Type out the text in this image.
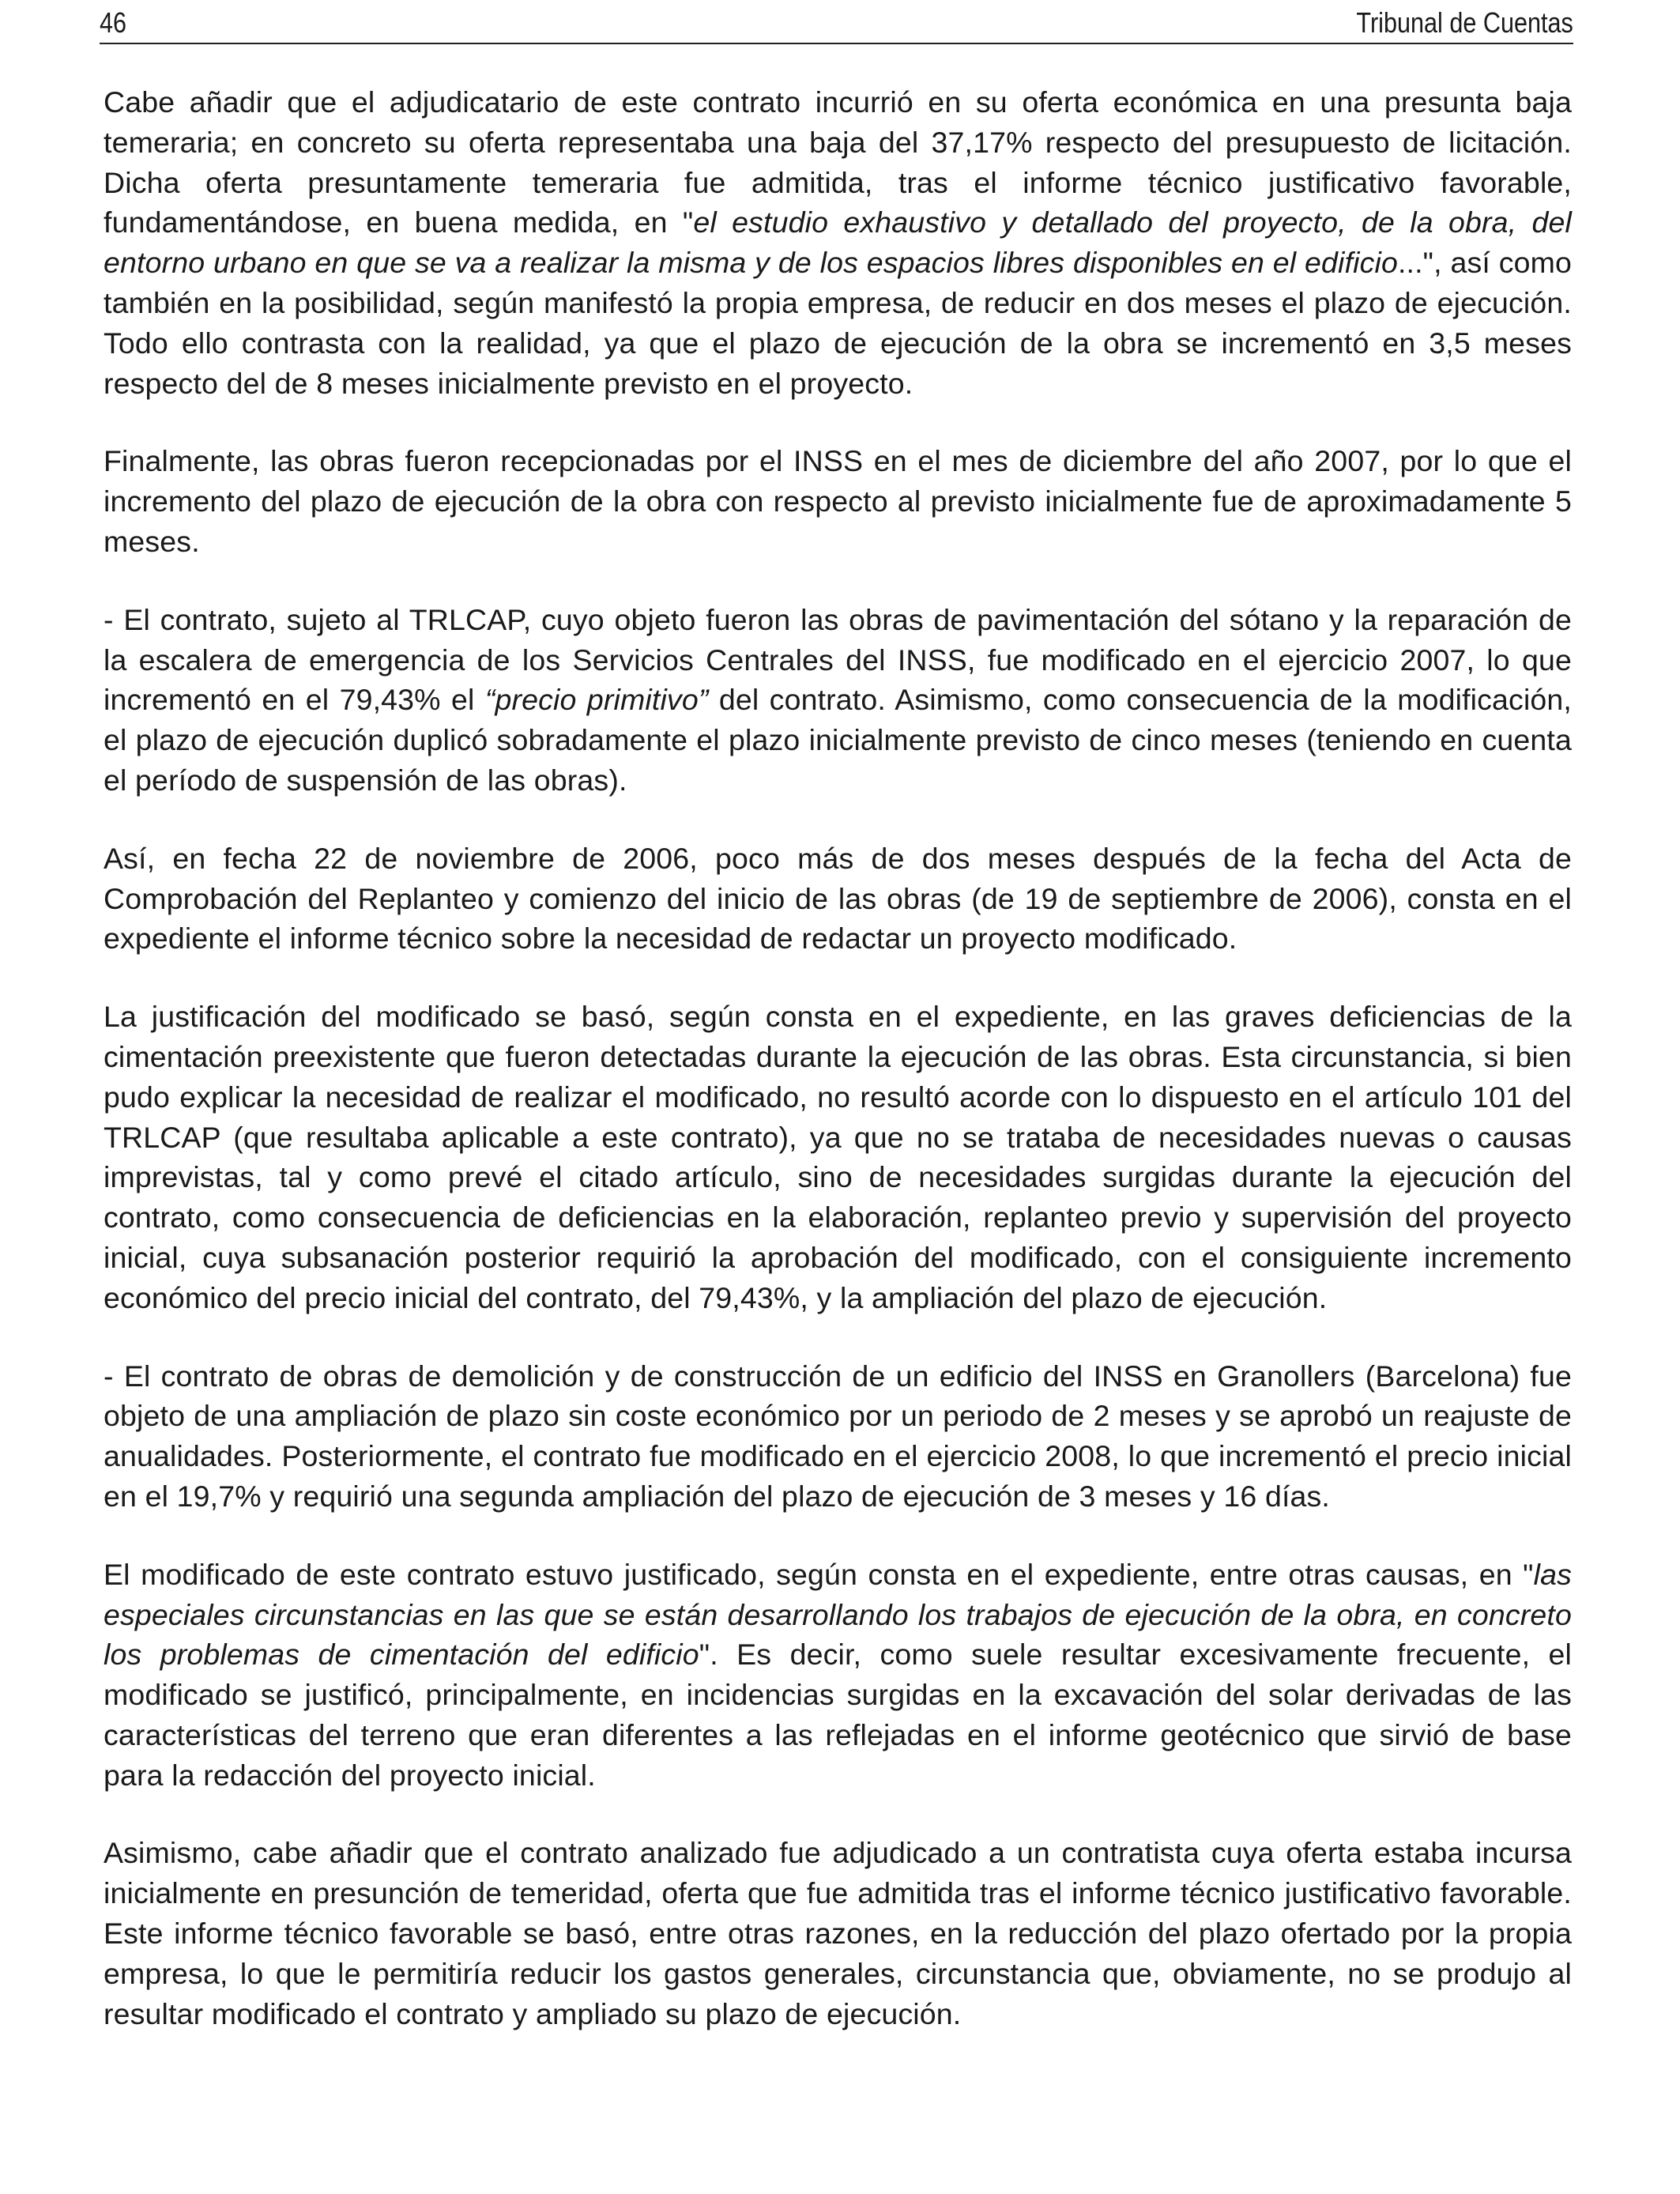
46	Tribunal de Cuentas

Cabe añadir que el adjudicatario de este contrato incurrió en su oferta económica en una presunta baja temeraria; en concreto su oferta representaba una baja del 37,17% respecto del presupuesto de licitación. Dicha oferta presuntamente temeraria fue admitida, tras el informe técnico justificativo favorable, fundamentándose, en buena medida, en "el estudio exhaustivo y detallado del proyecto, de la obra, del entorno urbano en que se va a realizar la misma y de los espacios libres disponibles en el edificio...", así como también en la posibilidad, según manifestó la propia empresa, de reducir en dos meses el plazo de ejecución. Todo ello contrasta con la realidad, ya que el plazo de ejecución de la obra se incrementó en 3,5 meses respecto del de 8 meses inicialmente previsto en el proyecto.

Finalmente, las obras fueron recepcionadas por el INSS en el mes de diciembre del año 2007, por lo que el incremento del plazo de ejecución de la obra con respecto al previsto inicialmente fue de aproximadamente 5 meses.

- El contrato, sujeto al TRLCAP, cuyo objeto fueron las obras de pavimentación del sótano y la reparación de la escalera de emergencia de los Servicios Centrales del INSS, fue modificado en el ejercicio 2007, lo que incrementó en el 79,43% el “precio primitivo” del contrato. Asimismo, como consecuencia de la modificación, el plazo de ejecución duplicó sobradamente el plazo inicialmente previsto de cinco meses (teniendo en cuenta el período de suspensión de las obras).

Así, en fecha 22 de noviembre de 2006, poco más de dos meses después de la fecha del Acta de Comprobación del Replanteo y comienzo del inicio de las obras (de 19 de septiembre de 2006), consta en el expediente el informe técnico sobre la necesidad de redactar un proyecto modificado.

La justificación del modificado se basó, según consta en el expediente, en las graves deficiencias de la cimentación preexistente que fueron detectadas durante la ejecución de las obras. Esta circunstancia, si bien pudo explicar la necesidad de realizar el modificado, no resultó acorde con lo dispuesto en el artículo 101 del TRLCAP (que resultaba aplicable a este contrato), ya que no se trataba de necesidades nuevas o causas imprevistas, tal y como prevé el citado artículo, sino de necesidades surgidas durante la ejecución del contrato, como consecuencia de deficiencias en la elaboración, replanteo previo y supervisión del proyecto inicial, cuya subsanación posterior requirió la aprobación del modificado, con el consiguiente incremento económico del precio inicial del contrato, del 79,43%, y la ampliación del plazo de ejecución.

- El contrato de obras de demolición y de construcción de un edificio del INSS en Granollers (Barcelona) fue objeto de una ampliación de plazo sin coste económico por un periodo de 2 meses y se aprobó un reajuste de anualidades. Posteriormente, el contrato fue modificado en el ejercicio 2008, lo que incrementó el precio inicial en el 19,7% y requirió una segunda ampliación del plazo de ejecución de 3 meses y 16 días.

El modificado de este contrato estuvo justificado, según consta en el expediente, entre otras causas, en "las especiales circunstancias en las que se están desarrollando los trabajos de ejecución de la obra, en concreto los problemas de cimentación del edificio". Es decir, como suele resultar excesivamente frecuente, el modificado se justificó, principalmente, en incidencias surgidas en la excavación del solar derivadas de las características del terreno que eran diferentes a las reflejadas en el informe geotécnico que sirvió de base para la redacción del proyecto inicial.

Asimismo, cabe añadir que el contrato analizado fue adjudicado a un contratista cuya oferta estaba incursa inicialmente en presunción de temeridad, oferta que fue admitida tras el informe técnico justificativo favorable. Este informe técnico favorable se basó, entre otras razones, en la reducción del plazo ofertado por la propia empresa, lo que le permitiría reducir los gastos generales, circunstancia que, obviamente, no se produjo al resultar modificado el contrato y ampliado su plazo de ejecución.
